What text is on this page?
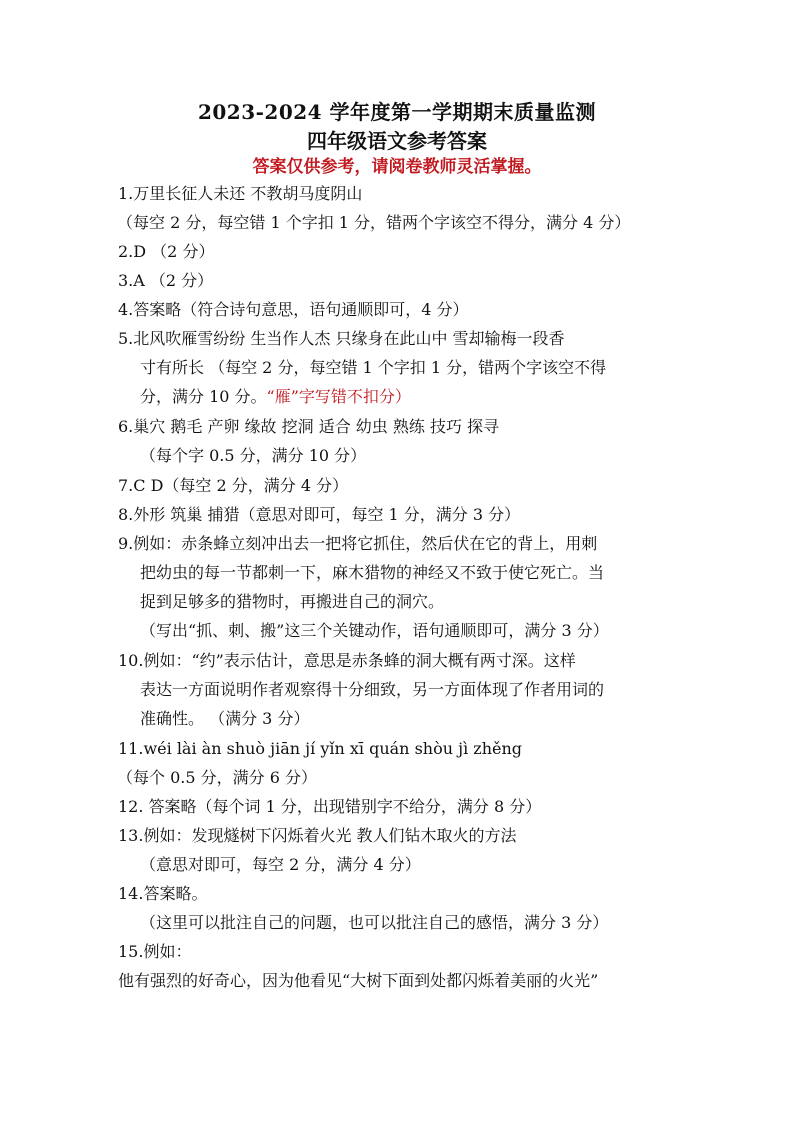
2023-2024 学年度第一学期期末质量监测
四年级语文参考答案
答案仅供参考，请阅卷教师灵活掌握。
1.万里长征人未还 不教胡马度阴山
（每空 2 分，每空错 1 个字扣 1 分，错两个字该空不得分，满分 4 分）
2.D （2 分）
3.A （2 分）
4.答案略（符合诗句意思，语句通顺即可，4 分）
5.北风吹雁雪纷纷 生当作人杰 只缘身在此山中 雪却输梅一段香
寸有所长 （每空 2 分，每空错 1 个字扣 1 分，错两个字该空不得
分，满分 10 分。“雁”字写错不扣分）
6.巢穴 鹅毛 产卵 缘故 挖洞 适合 幼虫 熟练 技巧 探寻
（每个字 0.5 分，满分 10 分）
7.C D（每空 2 分，满分 4 分）
8.外形 筑巢 捕猎（意思对即可，每空 1 分，满分 3 分）
9.例如：赤条蜂立刻冲出去一把将它抓住，然后伏在它的背上，用刺
把幼虫的每一节都刺一下，麻木猎物的神经又不致于使它死亡。当
捉到足够多的猎物时，再搬进自己的洞穴。
（写出“抓、刺、搬”这三个关键动作，语句通顺即可，满分 3 分）
10.例如：“约”表示估计，意思是赤条蜂的洞大概有两寸深。这样
表达一方面说明作者观察得十分细致，另一方面体现了作者用词的
准确性。 （满分 3 分）
11.wéi lài àn shuò jiān jí yǐn xī quán shòu jì zhěng
（每个 0.5 分，满分 6 分）
12. 答案略（每个词 1 分，出现错别字不给分，满分 8 分）
13.例如：发现燧树下闪烁着火光 教人们钻木取火的方法
（意思对即可，每空 2 分，满分 4 分）
14.答案略。
（这里可以批注自己的问题，也可以批注自己的感悟，满分 3 分）
15.例如：
他有强烈的好奇心，因为他看见“大树下面到处都闪烁着美丽的火光”
